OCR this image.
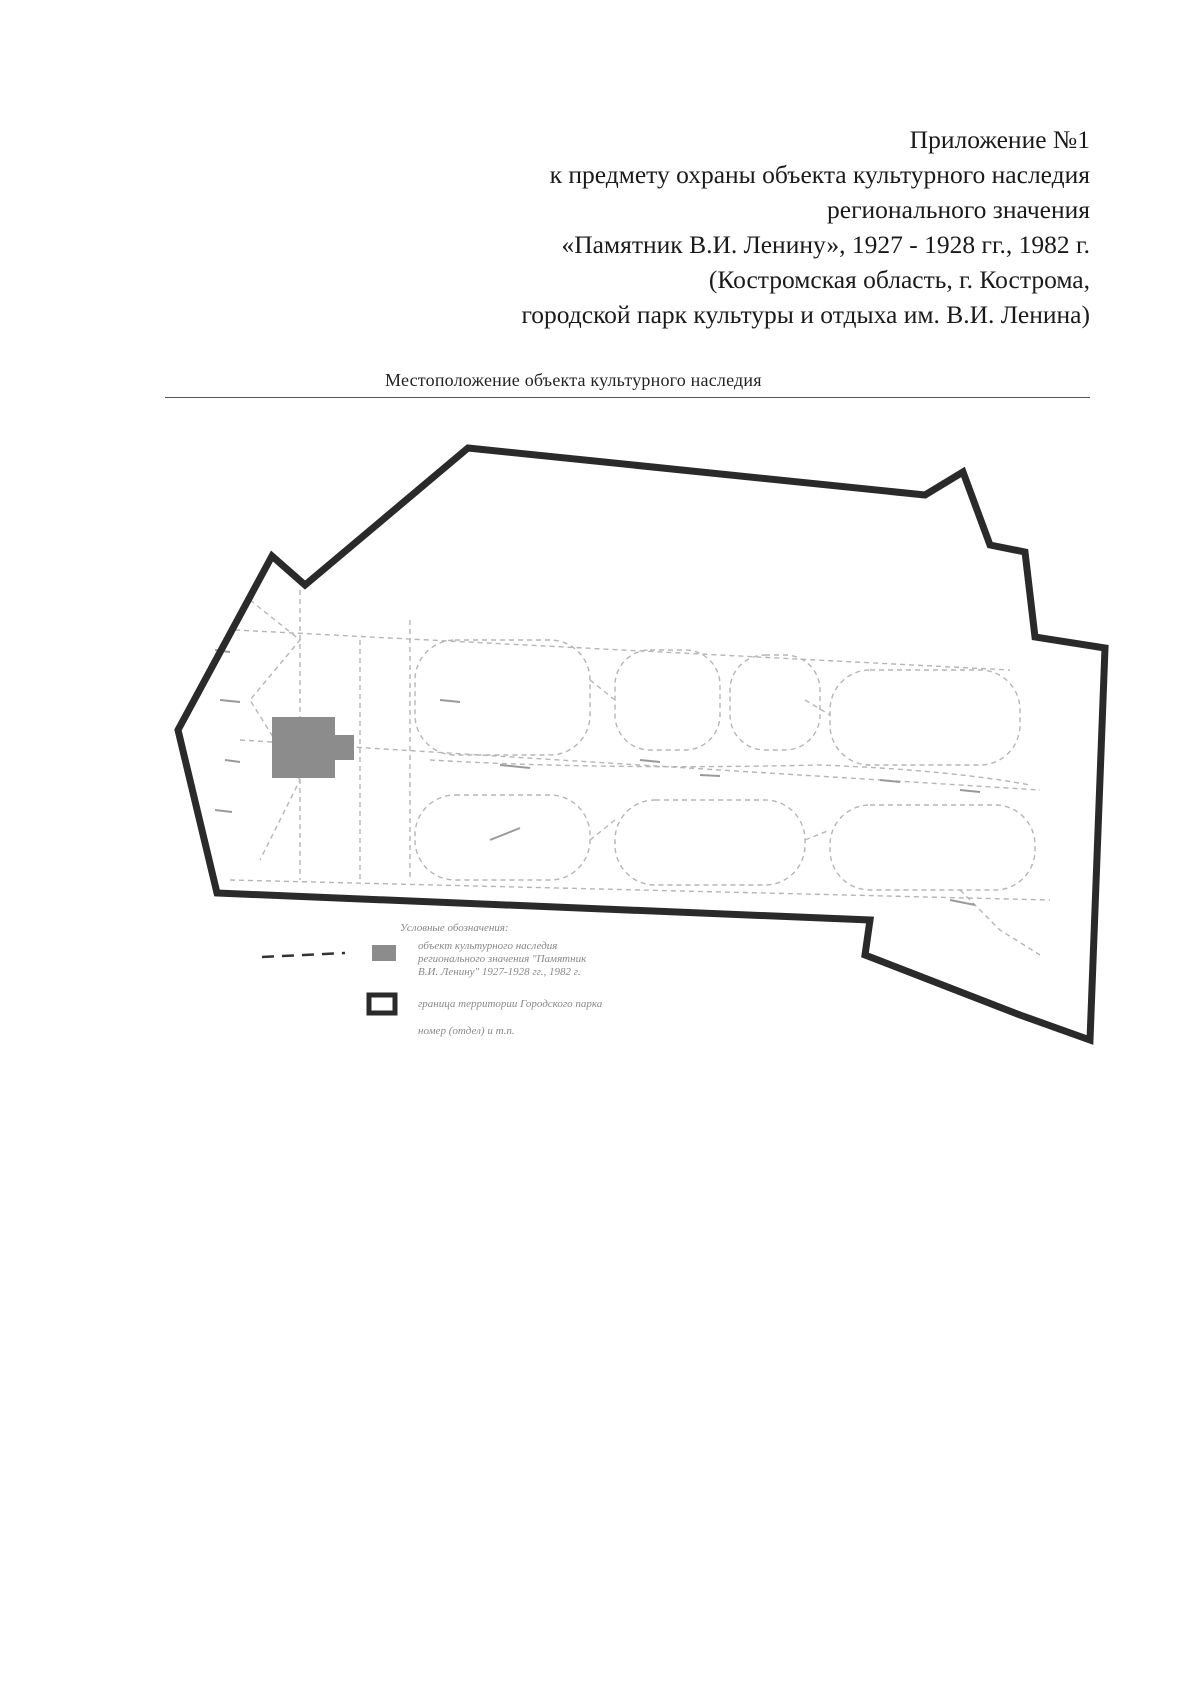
Приложение №1
к предмету охраны объекта культурного наследия
регионального значения
«Памятник В.И. Ленину», 1927 - 1928 гг., 1982 г.
(Костромская область, г. Кострома,
городской парк культуры и отдыха им. В.И. Ленина)
Местоположение объекта культурного наследия
Условные обозначения:
объект культурного наследия
регионального значения "Памятник
В.И. Ленину" 1927-1928 гг., 1982 г.
граница территории Городского парка
номер (отдел) и т.п.
